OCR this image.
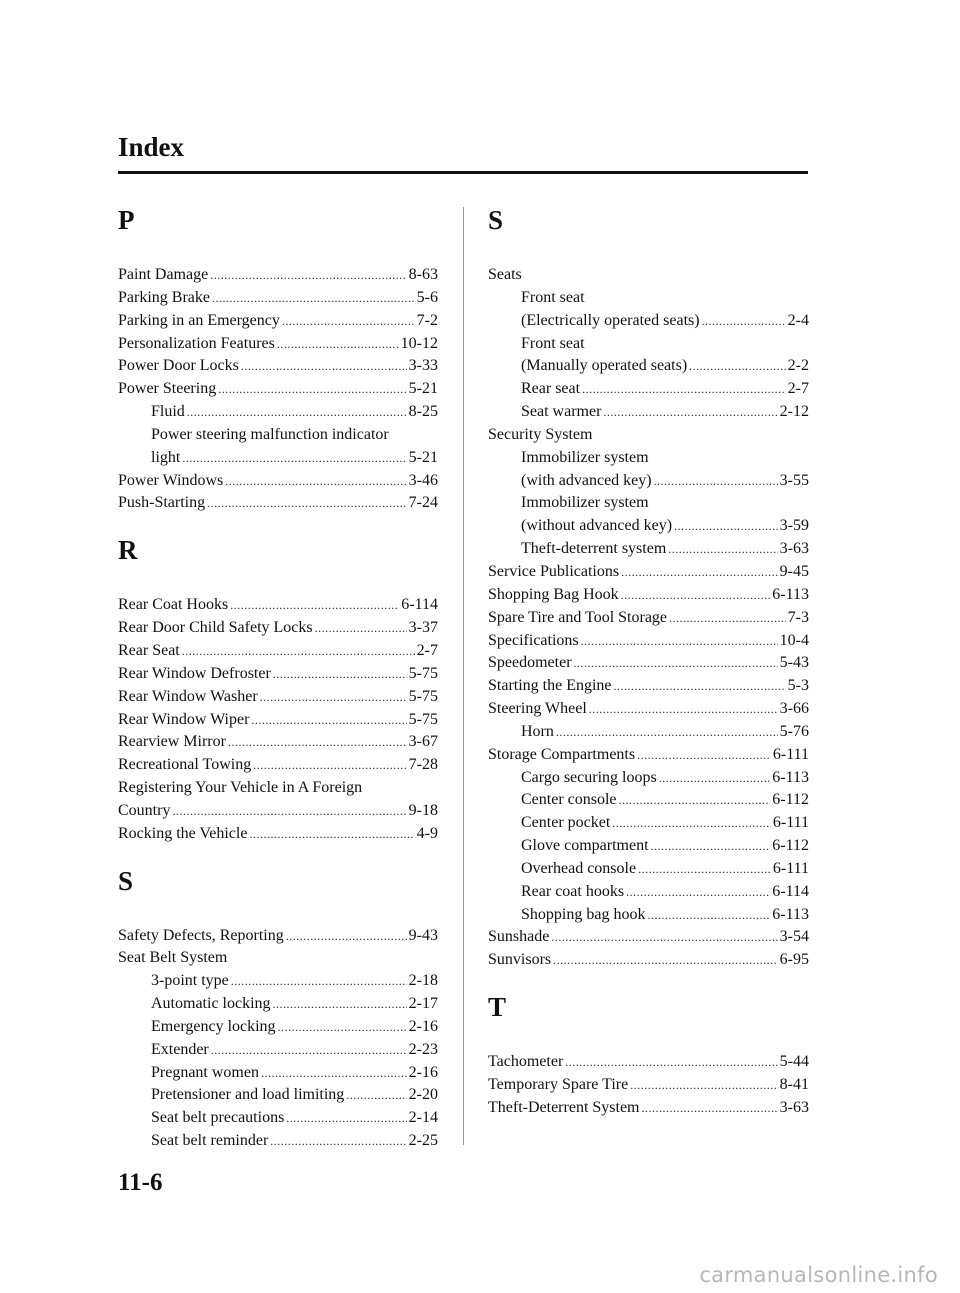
Index
P
Paint Damage .....	8-63
Parking Brake .....	5-6
Parking in an Emergency .....	7-2
Personalization Features .....	10-12
Power Door Locks .....	3-33
Power Steering .....	5-21
Fluid .....	8-25
Power steering malfunction indicator
light .....	5-21
Power Windows .....	3-46
Push-Starting .....	7-24
R
Rear Coat Hooks .....	6-114
Rear Door Child Safety Locks .....	3-37
Rear Seat .....	2-7
Rear Window Defroster .....	5-75
Rear Window Washer .....	5-75
Rear Window Wiper .....	5-75
Rearview Mirror .....	3-67
Recreational Towing .....	7-28
Registering Your Vehicle in A Foreign
Country .....	9-18
Rocking the Vehicle .....	4-9
S
Safety Defects, Reporting .....	9-43
Seat Belt System
3-point type .....	2-18
Automatic locking .....	2-17
Emergency locking .....	2-16
Extender .....	2-23
Pregnant women .....	2-16
Pretensioner and load limiting .....	2-20
Seat belt precautions .....	2-14
Seat belt reminder .....	2-25
S
Seats
Front seat
(Electrically operated seats) .....	2-4
Front seat
(Manually operated seats) .....	2-2
Rear seat .....	2-7
Seat warmer .....	2-12
Security System
Immobilizer system
(with advanced key) .....	3-55
Immobilizer system
(without advanced key) .....	3-59
Theft-deterrent system .....	3-63
Service Publications .....	9-45
Shopping Bag Hook .....	6-113
Spare Tire and Tool Storage .....	7-3
Specifications .....	10-4
Speedometer .....	5-43
Starting the Engine .....	5-3
Steering Wheel .....	3-66
Horn .....	5-76
Storage Compartments .....	6-111
Cargo securing loops .....	6-113
Center console .....	6-112
Center pocket .....	6-111
Glove compartment .....	6-112
Overhead console .....	6-111
Rear coat hooks .....	6-114
Shopping bag hook .....	6-113
Sunshade .....	3-54
Sunvisors .....	6-95
T
Tachometer .....	5-44
Temporary Spare Tire .....	8-41
Theft-Deterrent System .....	3-63
11-6
carmanualsonline.info
